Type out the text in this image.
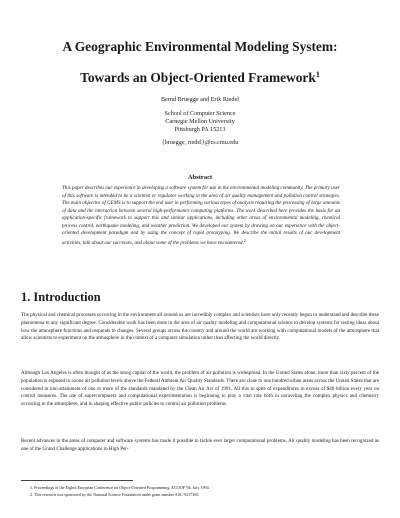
A Geographic Environmental Modeling System:
Towards an Object-Oriented Framework$^1$
Bernd Bruegge and Erik Riedel
School of Computer Science
Carnegie Mellon University
Pittsburgh PA 15213
{brueggе, riedel}@cs.cmu.edu
Abstract
This paper describes our experience in developing a software system for use in the environmental modeling community. The primary user of this software is intended to be a scientist or regulator working in the area of air quality management and pollution control strategies. The main objective of GEMS is to support the end user in performing various types of analysis requiring the processing of large amounts of data and the interaction between several high-performance computing platforms. The work described here provides the basis for an application-specific framework to support this and similar applications, including other areas of environmental modeling, chemical process control, earthquake modeling, and weather prediction. We developed our system by drawing on our experience with the object-oriented development paradigm and by using the concept of rapid prototyping. We describe the initial results of our development activities, talk about our successes, and about some of the problems we have encountered.$^2$
1. Introduction
The physical and chemical processes occurring in the environment all around us are incredibly complex and scientists have only recently begun to understand and describe these phenomena to any significant degree. Considerable work has been done in the area of air quality modeling and computational science to develop systems for testing ideas about how the atmosphere functions and responds to changes. Several groups across the country and around the world are working with computational models of the atmosphere that allow scientists to experiment on the atmosphere in the context of a computer simulation rather than affecting the world directly.
Although Los Angeles is often thought of as the smog capital of the world, the problem of air pollution is widespread. In the United States alone, more than sixty percent of the population is exposed to ozone air pollution levels above the Federal Ambient Air Quality Standards. There are close to one hundred urban areas across the United States that are considered in non-attainment of one or more of the standards mandated by the Clean Air Act of 1991. All this in spite of expenditures in excess of $40 billion every year on control measures. The use of supercomputers and computational experimentation is beginning to play a vital role both in unraveling the complex physics and chemistry occurring in the atmosphere, and in shaping effective public policies to control air pollution problems.
Recent advances in the areas of computer and software systems has made it possible to tackle ever larger computational problems. Air quality modeling has been recognized as one of the Grand Challenge applications in High Per-
1. Proceedings of the Eighth European Conference on Object-Oriented Programming, ECOOP '94, July 1994.
2. This research was sponsored by the National Science Foundation under grant number ASC-9217365.
